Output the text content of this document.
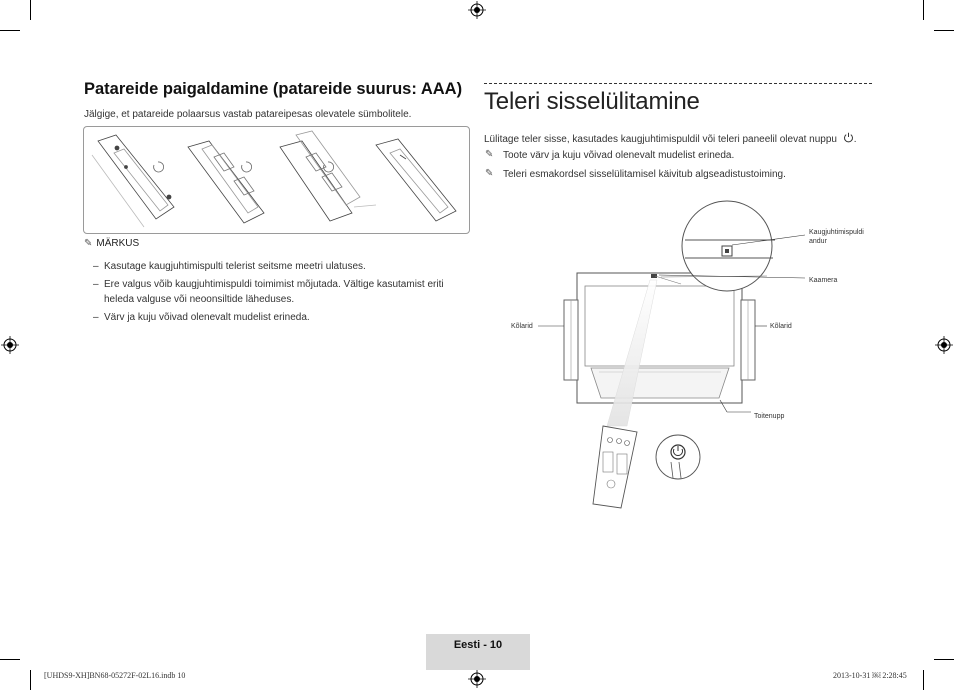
Patareide paigaldamine (patareide suurus: AAA)
Jälgige, et patareide polaarsus vastab patareipesas olevatele sümbolitele.
✎ MÄRKUS
– Kasutage kaugjuhtimispulti telerist seitsme meetri ulatuses.
– Ere valgus võib kaugjuhtimispuldi toimimist mõjutada. Vältige kasutamist eriti
heleda valguse või neoonsiltide läheduses.
– Värv ja kuju võivad olenevalt mudelist erineda.
Teleri sisselülitamine
Lülitage teler sisse, kasutades kaugjuhtimispuldil või teleri paneelil olevat nuppu .
✎ Toote värv ja kuju võivad olenevalt mudelist erineda.
✎ Teleri esmakordsel sisselülitamisel käivitub algseadistustoiming.
Kaugjuhtimispuldi
andur
Kaamera
Kõlarid	Kõlarid
Toitenupp
Eesti - 10
[UHDS9-XH]BN68-05272F-02L16.indb 10	2013-10-31 ￼ 2:28:45
